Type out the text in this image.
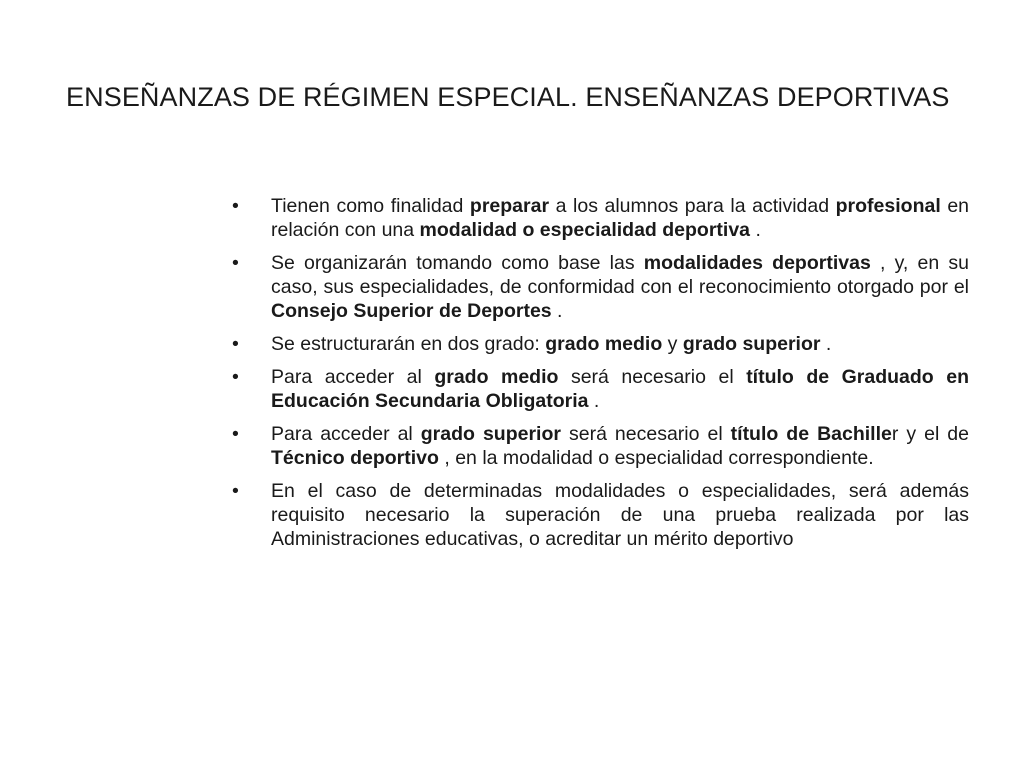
ENSEÑANZAS DE RÉGIMEN ESPECIAL. ENSEÑANZAS DEPORTIVAS
•	Tienen como finalidad preparar a los alumnos para la actividad profesional en relación con una modalidad o especialidad deportiva .
•	Se organizarán tomando como base las modalidades deportivas , y, en su caso, sus especialidades, de conformidad con el reconocimiento otorgado por el Consejo Superior de Deportes .
•	Se estructurarán en dos grado: grado medio y grado superior .
•	Para acceder al grado medio será necesario el título de Graduado en Educación Secundaria Obligatoria .
•	Para acceder al grado superior será necesario el título de Bachiller y el de Técnico deportivo , en la modalidad o especialidad correspondiente.
•	En el caso de determinadas modalidades o especialidades, será además requisito necesario la superación de una prueba realizada por las Administraciones educativas, o acreditar un mérito deportivo
